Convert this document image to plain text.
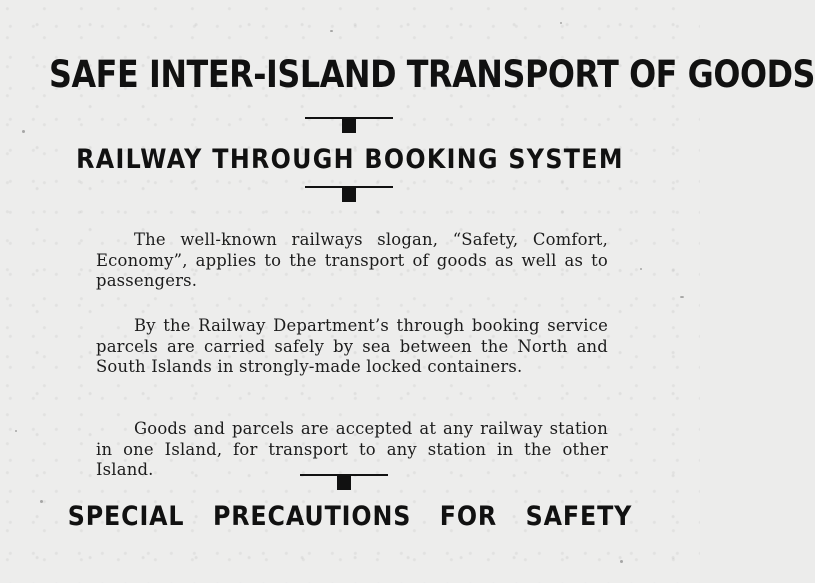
SAFE INTER-ISLAND TRANSPORT OF GOODS
RAILWAY THROUGH BOOKING SYSTEM

The well-known railways slogan, “Safety, Comfort, Economy”, applies to the transport of goods as well as to passengers.

By the Railway Department’s through booking service parcels are carried safely by sea between the North and South Islands in strongly-made locked containers.

Goods and parcels are accepted at any railway station in one Island, for transport to any station in the other Island.

SPECIAL PRECAUTIONS FOR SAFETY
